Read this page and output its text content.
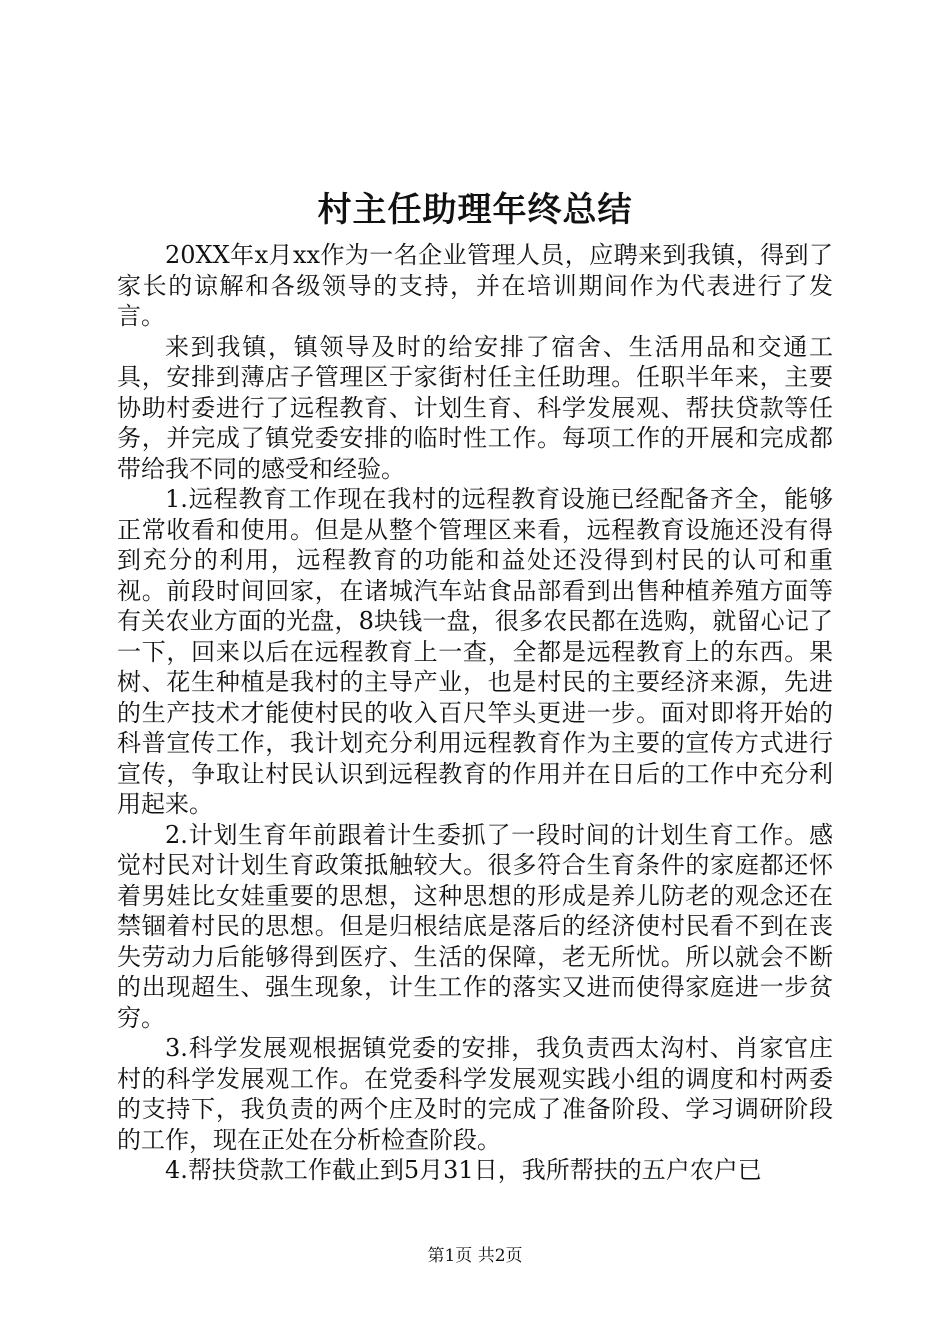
村主任助理年终总结

20XX年x月xx作为一名企业管理人员，应聘来到我镇，得到了家长的谅解和各级领导的支持，并在培训期间作为代表进行了发言。

来到我镇，镇领导及时的给安排了宿舍、生活用品和交通工具，安排到薄店子管理区于家街村任主任助理。任职半年来，主要协助村委进行了远程教育、计划生育、科学发展观、帮扶贷款等任务，并完成了镇党委安排的临时性工作。每项工作的开展和完成都带给我不同的感受和经验。

1.远程教育工作现在我村的远程教育设施已经配备齐全，能够正常收看和使用。但是从整个管理区来看，远程教育设施还没有得到充分的利用，远程教育的功能和益处还没得到村民的认可和重视。前段时间回家，在诸城汽车站食品部看到出售种植养殖方面等有关农业方面的光盘，8块钱一盘，很多农民都在选购，就留心记了一下，回来以后在远程教育上一查，全都是远程教育上的东西。果树、花生种植是我村的主导产业，也是村民的主要经济来源，先进的生产技术才能使村民的收入百尺竿头更进一步。面对即将开始的科普宣传工作，我计划充分利用远程教育作为主要的宣传方式进行宣传，争取让村民认识到远程教育的作用并在日后的工作中充分利用起来。

2.计划生育年前跟着计生委抓了一段时间的计划生育工作。感觉村民对计划生育政策抵触较大。很多符合生育条件的家庭都还怀着男娃比女娃重要的思想，这种思想的形成是养儿防老的观念还在禁锢着村民的思想。但是归根结底是落后的经济使村民看不到在丧失劳动力后能够得到医疗、生活的保障，老无所忧。所以就会不断的出现超生、强生现象，计生工作的落实又进而使得家庭进一步贫穷。

3.科学发展观根据镇党委的安排，我负责西太沟村、肖家官庄村的科学发展观工作。在党委科学发展观实践小组的调度和村两委的支持下，我负责的两个庄及时的完成了准备阶段、学习调研阶段的工作，现在正处在分析检查阶段。

4.帮扶贷款工作截止到5月31日，我所帮扶的五户农户已

第1页 共2页
